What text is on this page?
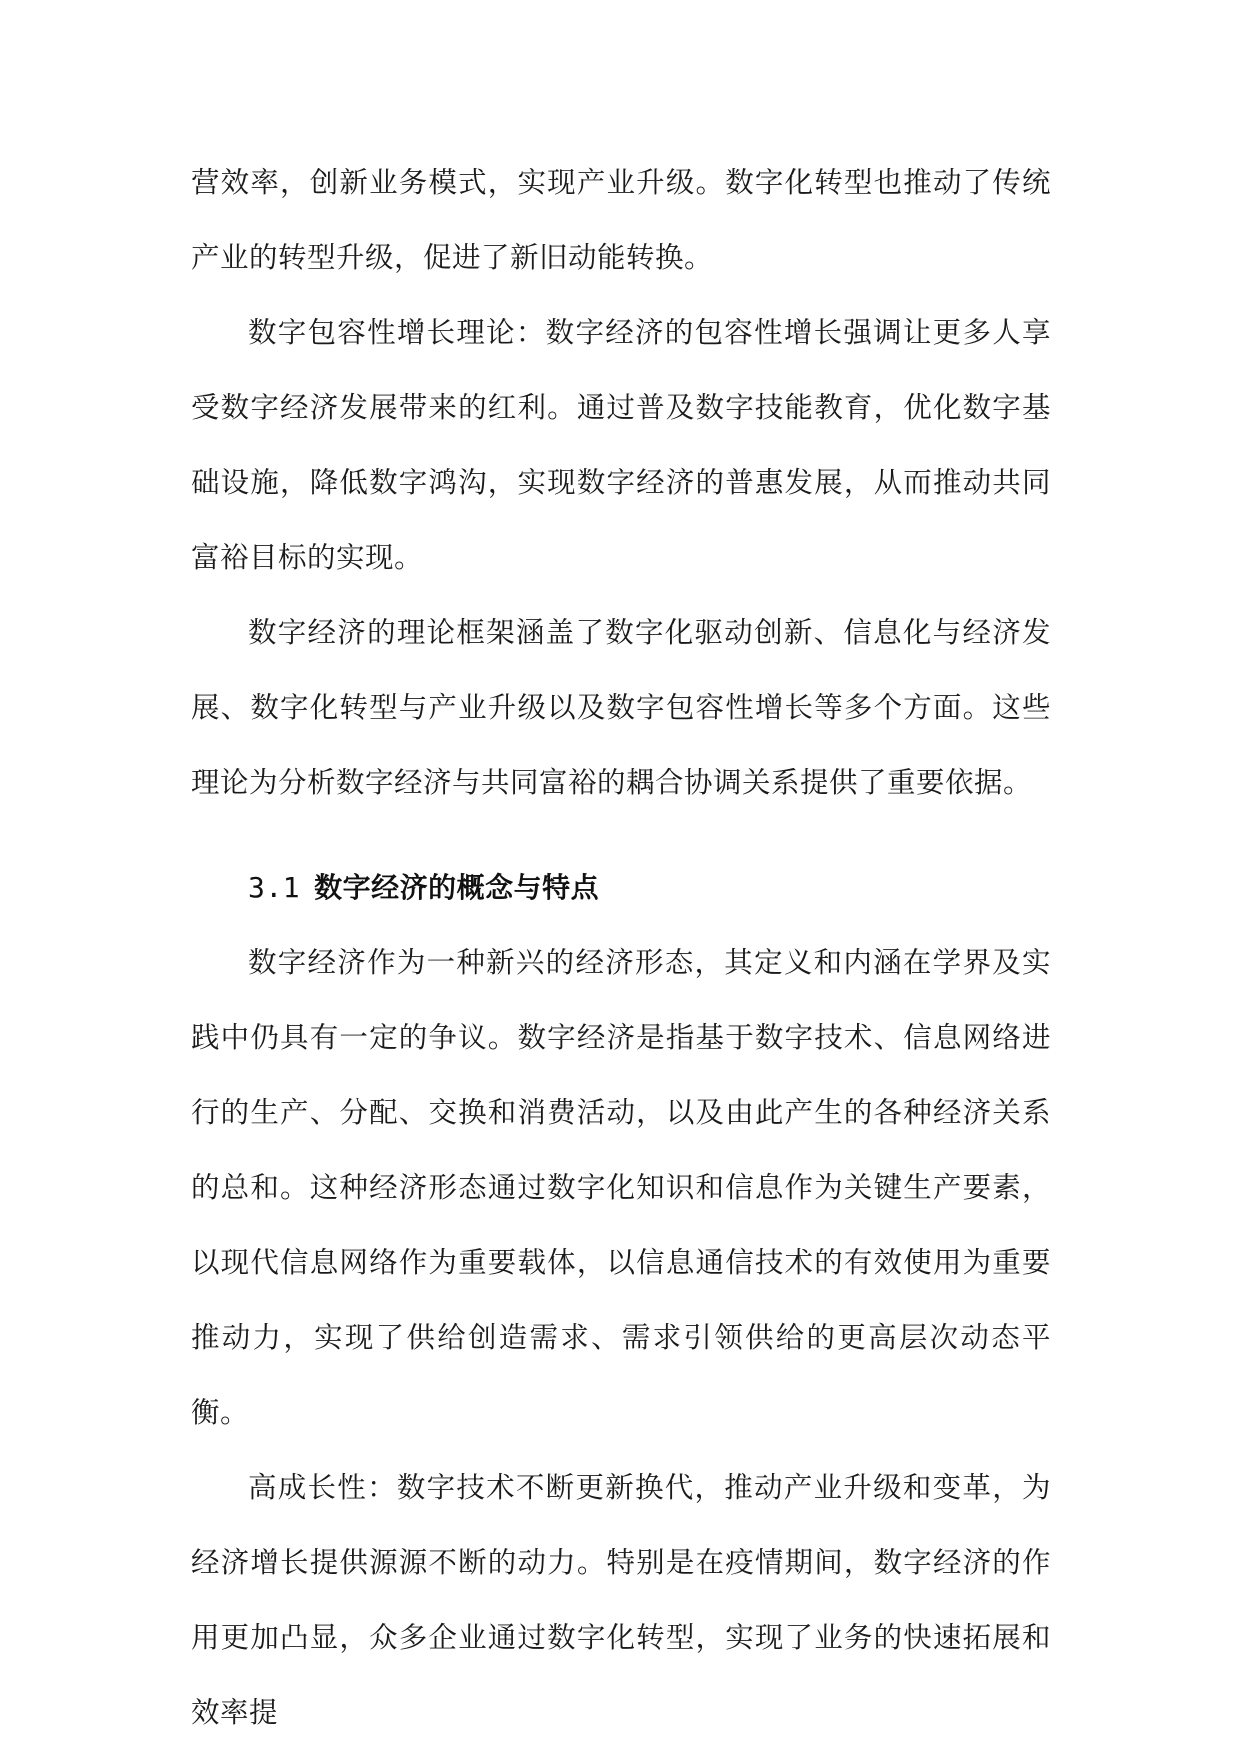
营效率，创新业务模式，实现产业升级。数字化转型也推动了传统产业的转型升级，促进了新旧动能转换。

数字包容性增长理论：数字经济的包容性增长强调让更多人享受数字经济发展带来的红利。通过普及数字技能教育，优化数字基础设施，降低数字鸿沟，实现数字经济的普惠发展，从而推动共同富裕目标的实现。

数字经济的理论框架涵盖了数字化驱动创新、信息化与经济发展、数字化转型与产业升级以及数字包容性增长等多个方面。这些理论为分析数字经济与共同富裕的耦合协调关系提供了重要依据。

3.1 数字经济的概念与特点

数字经济作为一种新兴的经济形态，其定义和内涵在学界及实践中仍具有一定的争议。数字经济是指基于数字技术、信息网络进行的生产、分配、交换和消费活动，以及由此产生的各种经济关系的总和。这种经济形态通过数字化知识和信息作为关键生产要素，以现代信息网络作为重要载体，以信息通信技术的有效使用为重要推动力，实现了供给创造需求、需求引领供给的更高层次动态平衡。

高成长性：数字技术不断更新换代，推动产业升级和变革，为经济增长提供源源不断的动力。特别是在疫情期间，数字经济的作用更加凸显，众多企业通过数字化转型，实现了业务的快速拓展和效率提
